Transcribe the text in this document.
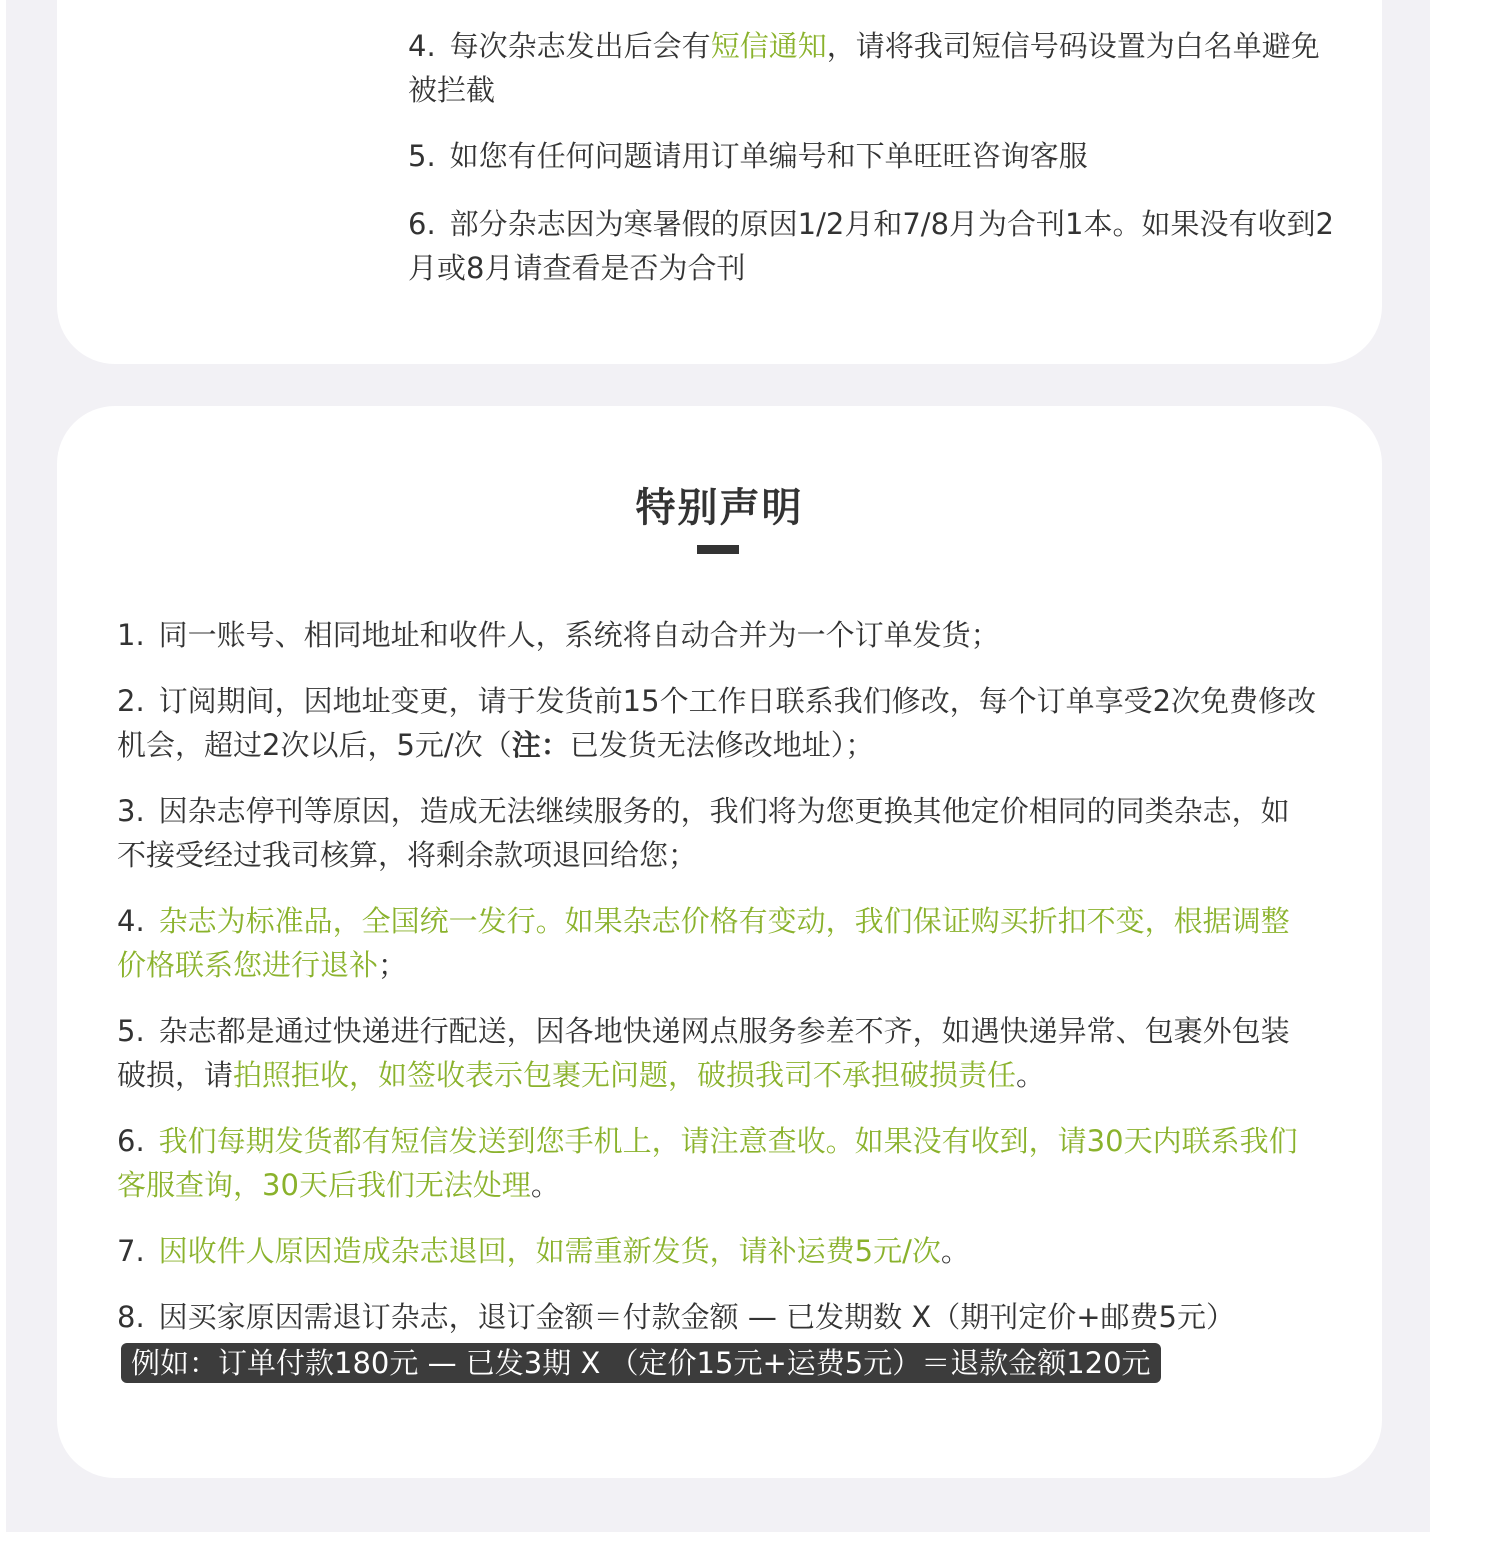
4. 每次杂志发出后会有短信通知，请将我司短信号码设置为白名单避免被拦截
5. 如您有任何问题请用订单编号和下单旺旺咨询客服
6. 部分杂志因为寒暑假的原因1/2月和7/8月为合刊1本。如果没有收到2月或8月请查看是否为合刊
特别声明
1. 同一账号、相同地址和收件人，系统将自动合并为一个订单发货；
2. 订阅期间，因地址变更，请于发货前15个工作日联系我们修改，每个订单享受2次免费修改机会，超过2次以后，5元/次（注：已发货无法修改地址）；
3. 因杂志停刊等原因，造成无法继续服务的，我们将为您更换其他定价相同的同类杂志，如不接受经过我司核算，将剩余款项退回给您；
4. 杂志为标准品，全国统一发行。如果杂志价格有变动，我们保证购买折扣不变，根据调整价格联系您进行退补；
5. 杂志都是通过快递进行配送，因各地快递网点服务参差不齐，如遇快递异常、包裹外包装破损，请拍照拒收，如签收表示包裹无问题，破损我司不承担破损责任。
6. 我们每期发货都有短信发送到您手机上，请注意查收。如果没有收到，请30天内联系我们客服查询，30天后我们无法处理。
7. 因收件人原因造成杂志退回，如需重新发货，请补运费5元/次。
8. 因买家原因需退订杂志，退订金额＝付款金额 — 已发期数 X（期刊定价+邮费5元）
例如：订单付款180元 — 已发3期 X （定价15元+运费5元）＝退款金额120元
